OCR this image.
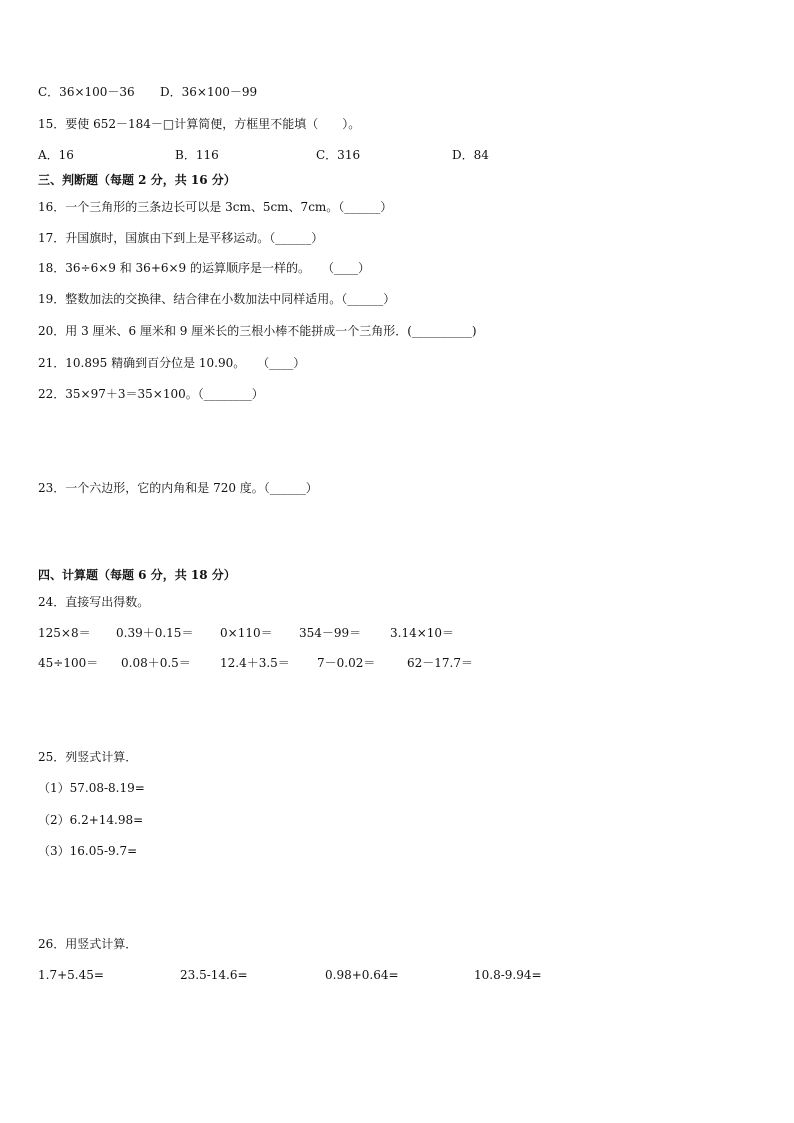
C．36×100－36 D．36×100－99
15．要使 652－184－□计算简便，方框里不能填（　　）。
A．16	B．116	C．316	D．84
三、判断题（每题 2 分，共 16 分）
16．一个三角形的三条边长可以是 3cm、5cm、7cm。（______）
17．升国旗时，国旗由下到上是平移运动。（______）
18．36÷6×9 和 36+6×9 的运算顺序是一样的。　　（____）
19．整数加法的交换律、结合律在小数加法中同样适用。（______）
20．用 3 厘米、6 厘米和 9 厘米长的三根小棒不能拼成一个三角形．(__________)
21．10.895 精确到百分位是 10.90。　　（____）
22．35×97＋3＝35×100。（________）
23．一个六边形，它的内角和是 720 度。（______）
四、计算题（每题 6 分，共 18 分）
24．直接写出得数。
125×8＝ 0.39＋0.15＝ 0×110＝ 354－99＝ 3.14×10＝
45÷100＝ 0.08＋0.5＝ 12.4＋3.5＝ 7－0.02＝	62－17.7＝
25．列竖式计算．
（1）57.08-8.19=
（2）6.2+14.98=
（3）16.05-9.7=
26．用竖式计算．
1.7+5.45=	23.5-14.6=	0.98+0.64=	10.8-9.94=
